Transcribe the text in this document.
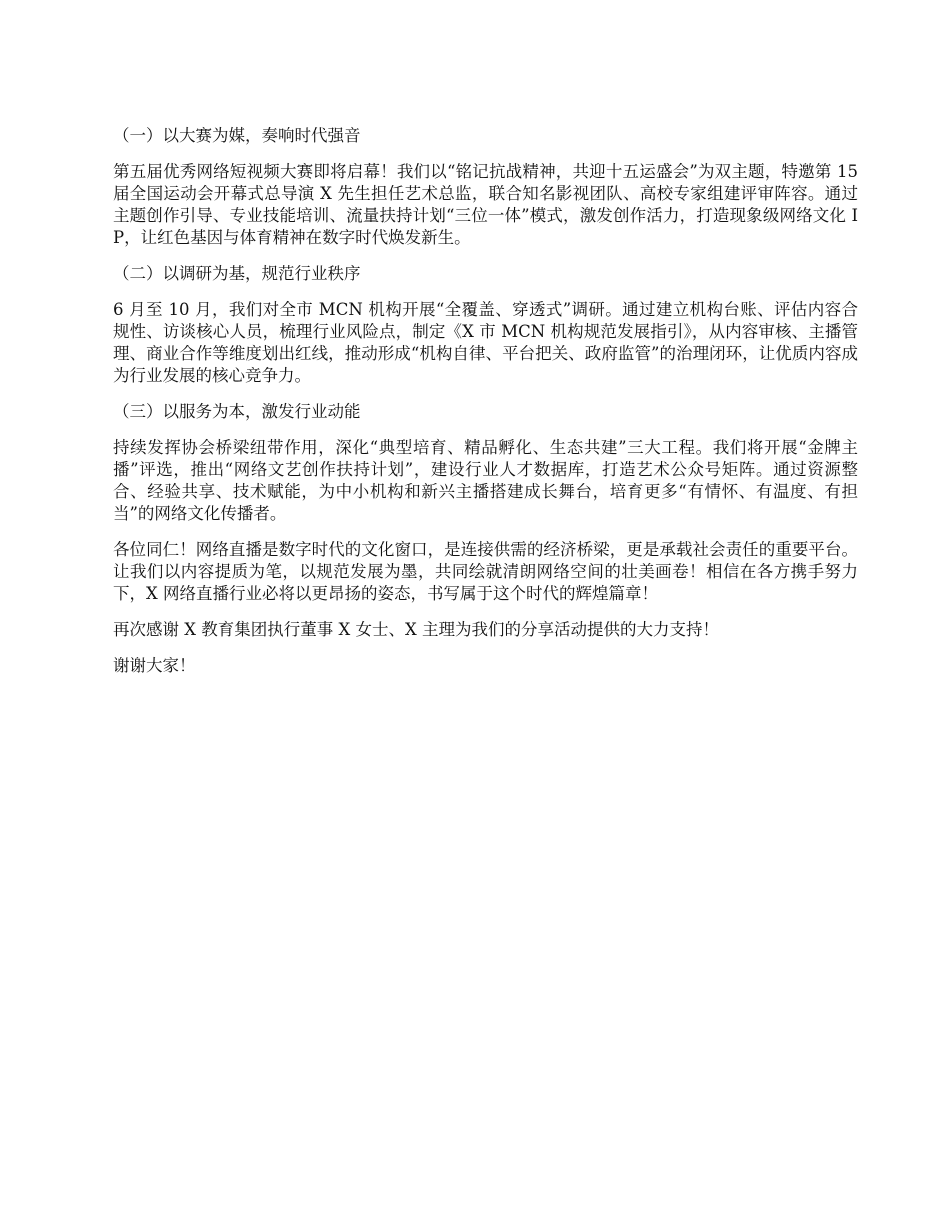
（一）以大赛为媒，奏响时代强音

第五届优秀网络短视频大赛即将启幕！我们以“铭记抗战精神，共迎十五运盛会”为双主题，特邀第 15 届全国运动会开幕式总导演 X 先生担任艺术总监，联合知名影视团队、高校专家组建评审阵容。通过主题创作引导、专业技能培训、流量扶持计划“三位一体”模式，激发创作活力，打造现象级网络文化 IP，让红色基因与体育精神在数字时代焕发新生。

（二）以调研为基，规范行业秩序

6 月至 10 月，我们对全市 MCN 机构开展“全覆盖、穿透式”调研。通过建立机构台账、评估内容合规性、访谈核心人员，梳理行业风险点，制定《X 市 MCN 机构规范发展指引》，从内容审核、主播管理、商业合作等维度划出红线，推动形成“机构自律、平台把关、政府监管”的治理闭环，让优质内容成为行业发展的核心竞争力。

（三）以服务为本，激发行业动能

持续发挥协会桥梁纽带作用，深化“典型培育、精品孵化、生态共建”三大工程。我们将开展“金牌主播”评选，推出“网络文艺创作扶持计划”，建设行业人才数据库，打造艺术公众号矩阵。通过资源整合、经验共享、技术赋能，为中小机构和新兴主播搭建成长舞台，培育更多“有情怀、有温度、有担当”的网络文化传播者。

各位同仁！网络直播是数字时代的文化窗口，是连接供需的经济桥梁，更是承载社会责任的重要平台。让我们以内容提质为笔，以规范发展为墨，共同绘就清朗网络空间的壮美画卷！相信在各方携手努力下，X 网络直播行业必将以更昂扬的姿态，书写属于这个时代的辉煌篇章！

再次感谢 X 教育集团执行董事 X 女士、X 主理为我们的分享活动提供的大力支持！

谢谢大家！
